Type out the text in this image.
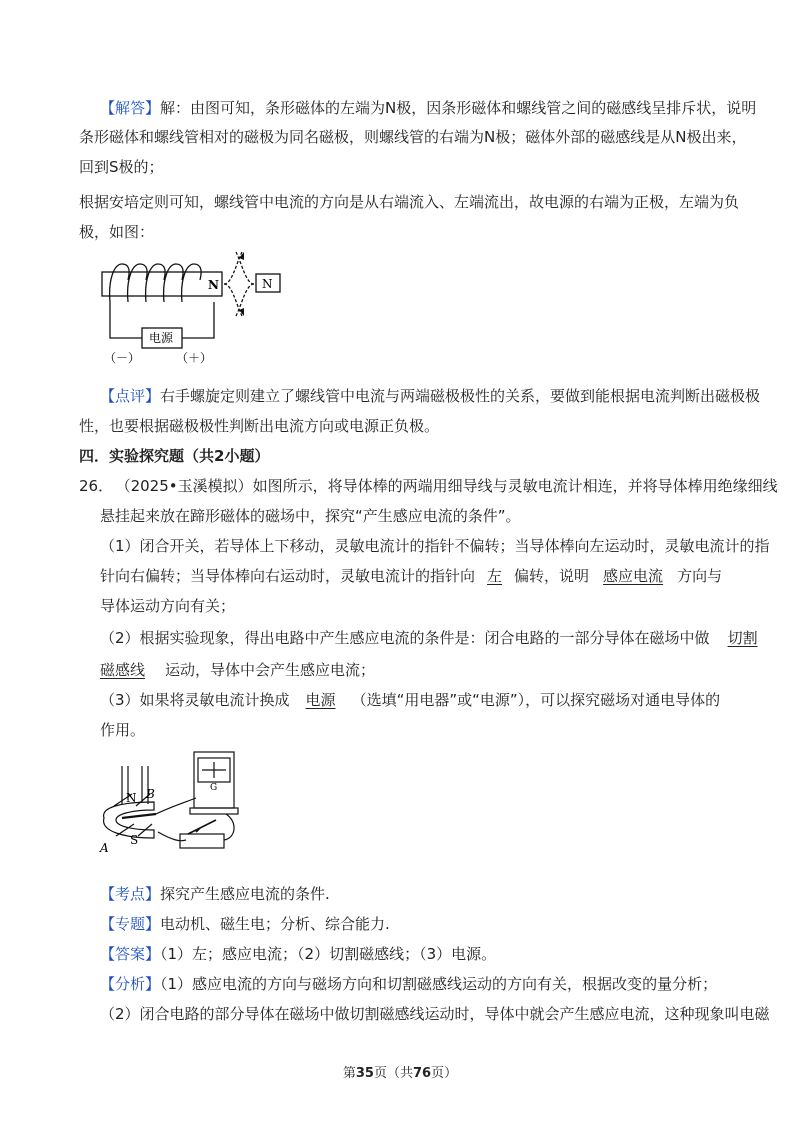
【解答】解：由图可知，条形磁体的左端为N极，因条形磁体和螺线管之间的磁感线呈排斥状，说明
条形磁体和螺线管相对的磁极为同名磁极，则螺线管的右端为N极；磁体外部的磁感线是从N极出来，
回到S极的；
根据安培定则可知，螺线管中电流的方向是从右端流入、左端流出，故电源的右端为正极，左端为负
极，如图：
N	N
电源
（－）	（＋）
【点评】右手螺旋定则建立了螺线管中电流与两端磁极极性的关系，要做到能根据电流判断出磁极极
性，也要根据磁极极性判断出电流方向或电源正负极。
四．实验探究题（共2小题）
26． （2025•玉溪模拟）如图所示，将导体棒的两端用细导线与灵敏电流计相连，并将导体棒用绝缘细线
悬挂起来放在蹄形磁体的磁场中，探究“产生感应电流的条件”。
（1）闭合开关，若导体上下移动，灵敏电流计的指针不偏转；当导体棒向左运动时，灵敏电流计的指
针向右偏转；当导体棒向右运动时，灵敏电流计的指针向 左 偏转，说明 感应电流 方向与
导体运动方向有关；
（2）根据实验现象，得出电路中产生感应电流的条件是：闭合电路的一部分导体在磁场中做 切割
磁感线 运动，导体中会产生感应电流；
（3）如果将灵敏电流计换成 电源 （选填“用电器”或“电源”），可以探究磁场对通电导体的
作用。
N B
S
A
G
【考点】探究产生感应电流的条件.
【专题】电动机、磁生电；分析、综合能力.
【答案】（1）左；感应电流；（2）切割磁感线；（3）电源。
【分析】（1）感应电流的方向与磁场方向和切割磁感线运动的方向有关，根据改变的量分析；
（2）闭合电路的部分导体在磁场中做切割磁感线运动时，导体中就会产生感应电流，这种现象叫电磁
第35页（共76页）
